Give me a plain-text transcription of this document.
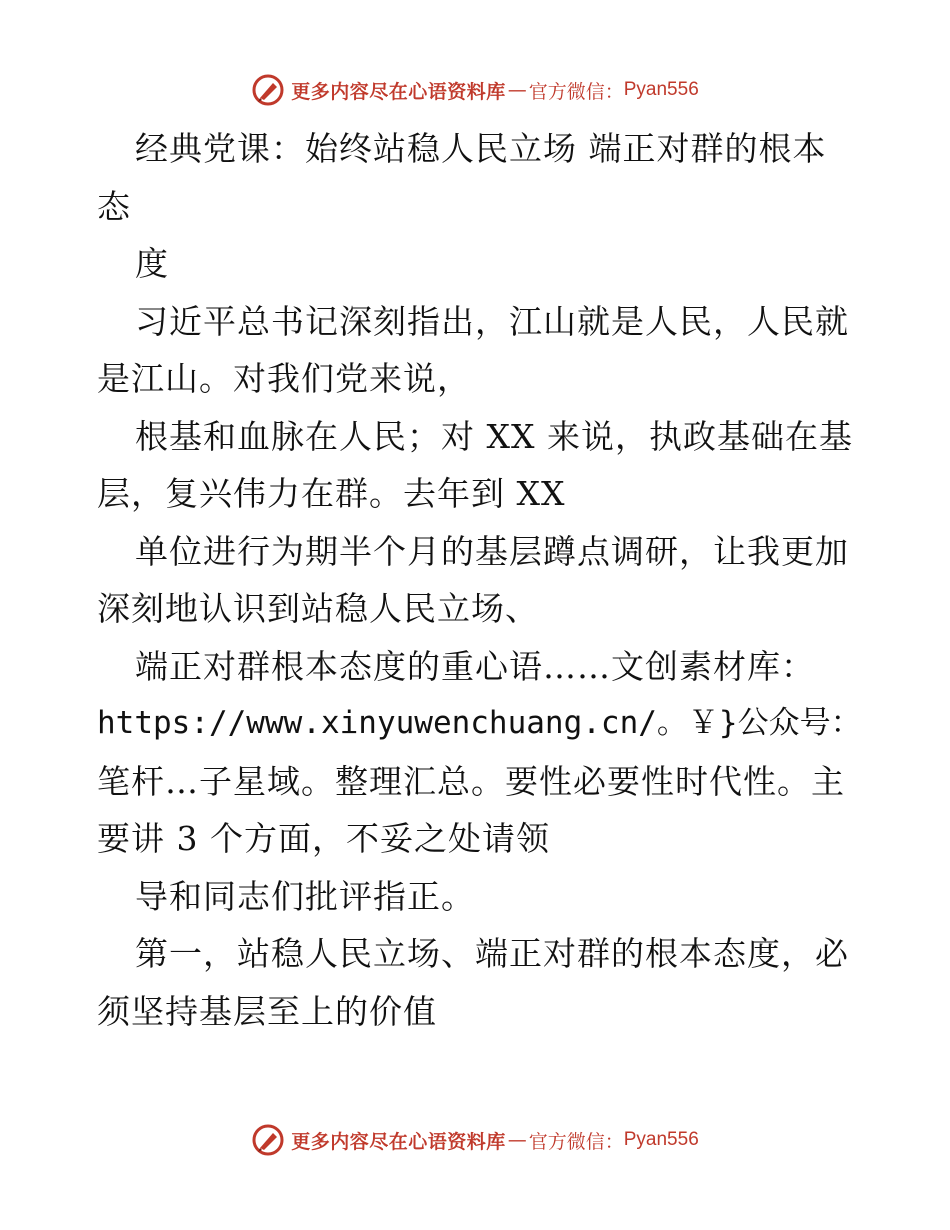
更多内容尽在心语资料库 — 官方微信： Pyan556
经典党课：始终站稳人民立场 端正对群的根本
态
度
习近平总书记深刻指出，江山就是人民，人民就
是江山。对我们党来说，
根基和血脉在人民；对 XX 来说，执政基础在基
层，复兴伟力在群。去年到 XX
单位进行为期半个月的基层蹲点调研，让我更加
深刻地认识到站稳人民立场、
端正对群根本态度的重心语……文创素材库：
https://www.xinyuwenchuang.cn/。￥}公众号：
笔杆…子星域。整理汇总。要性必要性时代性。主
要讲 3 个方面，不妥之处请领
导和同志们批评指正。
第一，站稳人民立场、端正对群的根本态度，必
须坚持基层至上的价值
更多内容尽在心语资料库 — 官方微信： Pyan556
